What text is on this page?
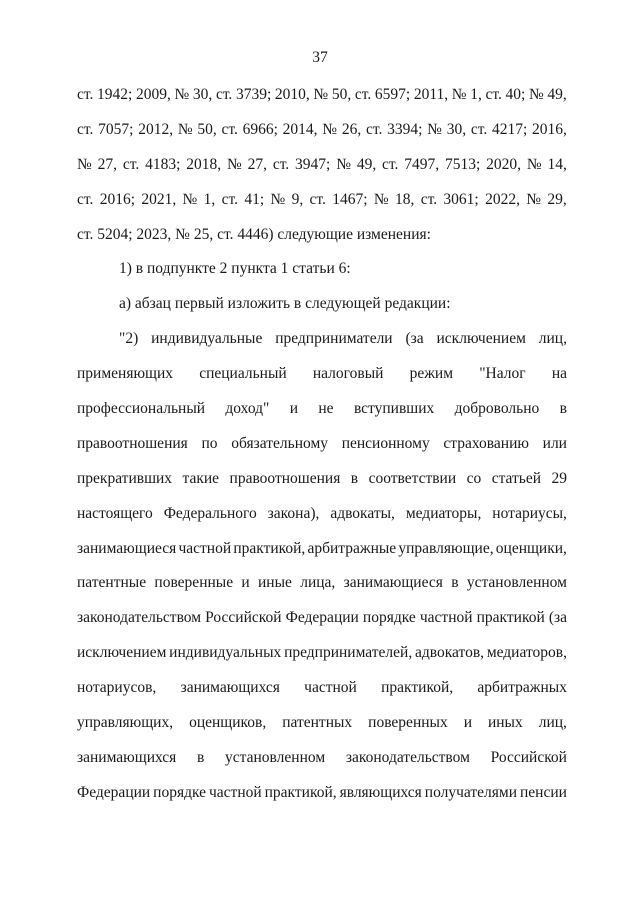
37
ст. 1942; 2009, № 30, ст. 3739; 2010, № 50, ст. 6597; 2011, № 1, ст. 40; № 49,
ст. 7057; 2012, № 50, ст. 6966; 2014, № 26, ст. 3394; № 30, ст. 4217; 2016,
№ 27, ст. 4183; 2018, № 27, ст. 3947; № 49, ст. 7497, 7513; 2020, № 14,
ст. 2016; 2021, № 1, ст. 41; № 9, ст. 1467; № 18, ст. 3061; 2022, № 29,
ст. 5204; 2023, № 25, ст. 4446) следующие изменения:
1) в подпункте 2 пункта 1 статьи 6:
а) абзац первый изложить в следующей редакции:
"2) индивидуальные предприниматели (за исключением лиц,
применяющих специальный налоговый режим "Налог на
профессиональный доход" и не вступивших добровольно в
правоотношения по обязательному пенсионному страхованию или
прекративших такие правоотношения в соответствии со статьей 29
настоящего Федерального закона), адвокаты, медиаторы, нотариусы,
занимающиеся частной практикой, арбитражные управляющие, оценщики,
патентные поверенные и иные лица, занимающиеся в установленном
законодательством Российской Федерации порядке частной практикой (за
исключением индивидуальных предпринимателей, адвокатов, медиаторов,
нотариусов, занимающихся частной практикой, арбитражных
управляющих, оценщиков, патентных поверенных и иных лиц,
занимающихся в установленном законодательством Российской
Федерации порядке частной практикой, являющихся получателями пенсии
